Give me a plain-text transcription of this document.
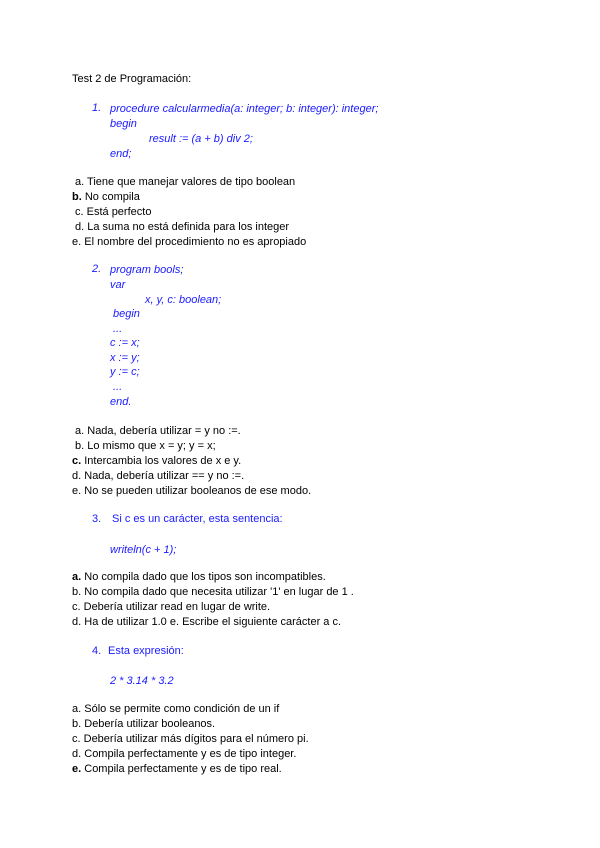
Test 2 de Programación:
1. procedure calcularmedia(a: integer; b: integer): integer;
begin
result := (a + b) div 2;
end;
a. Tiene que manejar valores de tipo boolean
b. No compila
c. Está perfecto
d. La suma no está definida para los integer
e. El nombre del procedimiento no es apropiado
2. program bools;
var
x, y, c: boolean;
begin
...
c := x;
x := y;
y := c;
...
end.
a. Nada, debería utilizar = y no :=.
b. Lo mismo que x = y; y = x;
c. Intercambia los valores de x e y.
d. Nada, debería utilizar == y no :=.
e. No se pueden utilizar booleanos de ese modo.
3. Si c es un carácter, esta sentencia:
writeln(c + 1);
a. No compila dado que los tipos son incompatibles.
b. No compila dado que necesita utilizar '1' en lugar de 1 .
c. Debería utilizar read en lugar de write.
d. Ha de utilizar 1.0 e. Escribe el siguiente carácter a c.
4. Esta expresión:
2 * 3.14 * 3.2
a. Sólo se permite como condición de un if
b. Debería utilizar booleanos.
c. Debería utilizar más dígitos para el número pi.
d. Compila perfectamente y es de tipo integer.
e. Compila perfectamente y es de tipo real.
